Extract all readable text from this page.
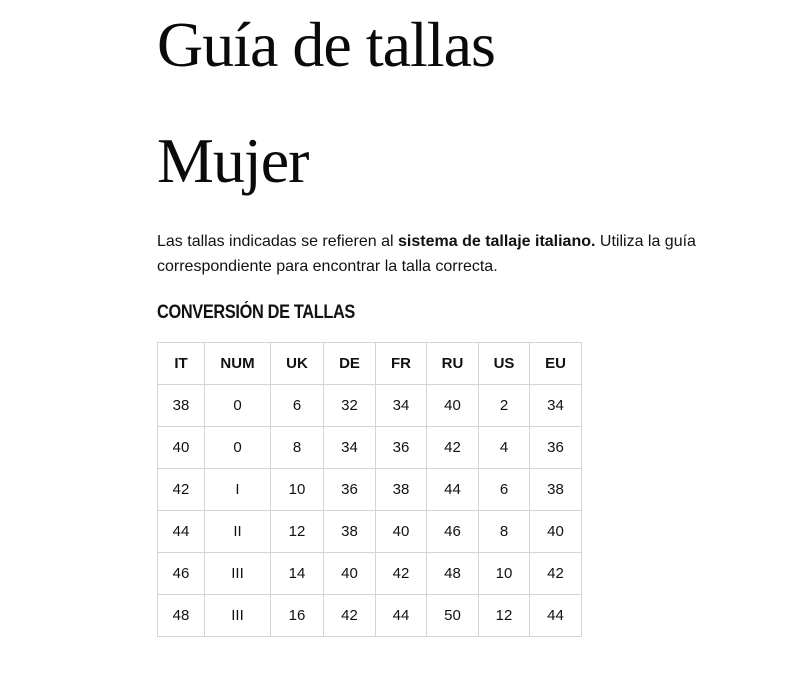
Guía de tallas
Mujer

Las tallas indicadas se refieren al sistema de tallaje italiano. Utiliza la guía correspondiente para encontrar la talla correcta.

CONVERSIÓN DE TALLAS
IT	NUM	UK	DE	FR	RU	US	EU
38	0	6	32	34	40	2	34
40	0	8	34	36	42	4	36
42	I	10	36	38	44	6	38
44	II	12	38	40	46	8	40
46	III	14	40	42	48	10	42
48	III	16	42	44	50	12	44
